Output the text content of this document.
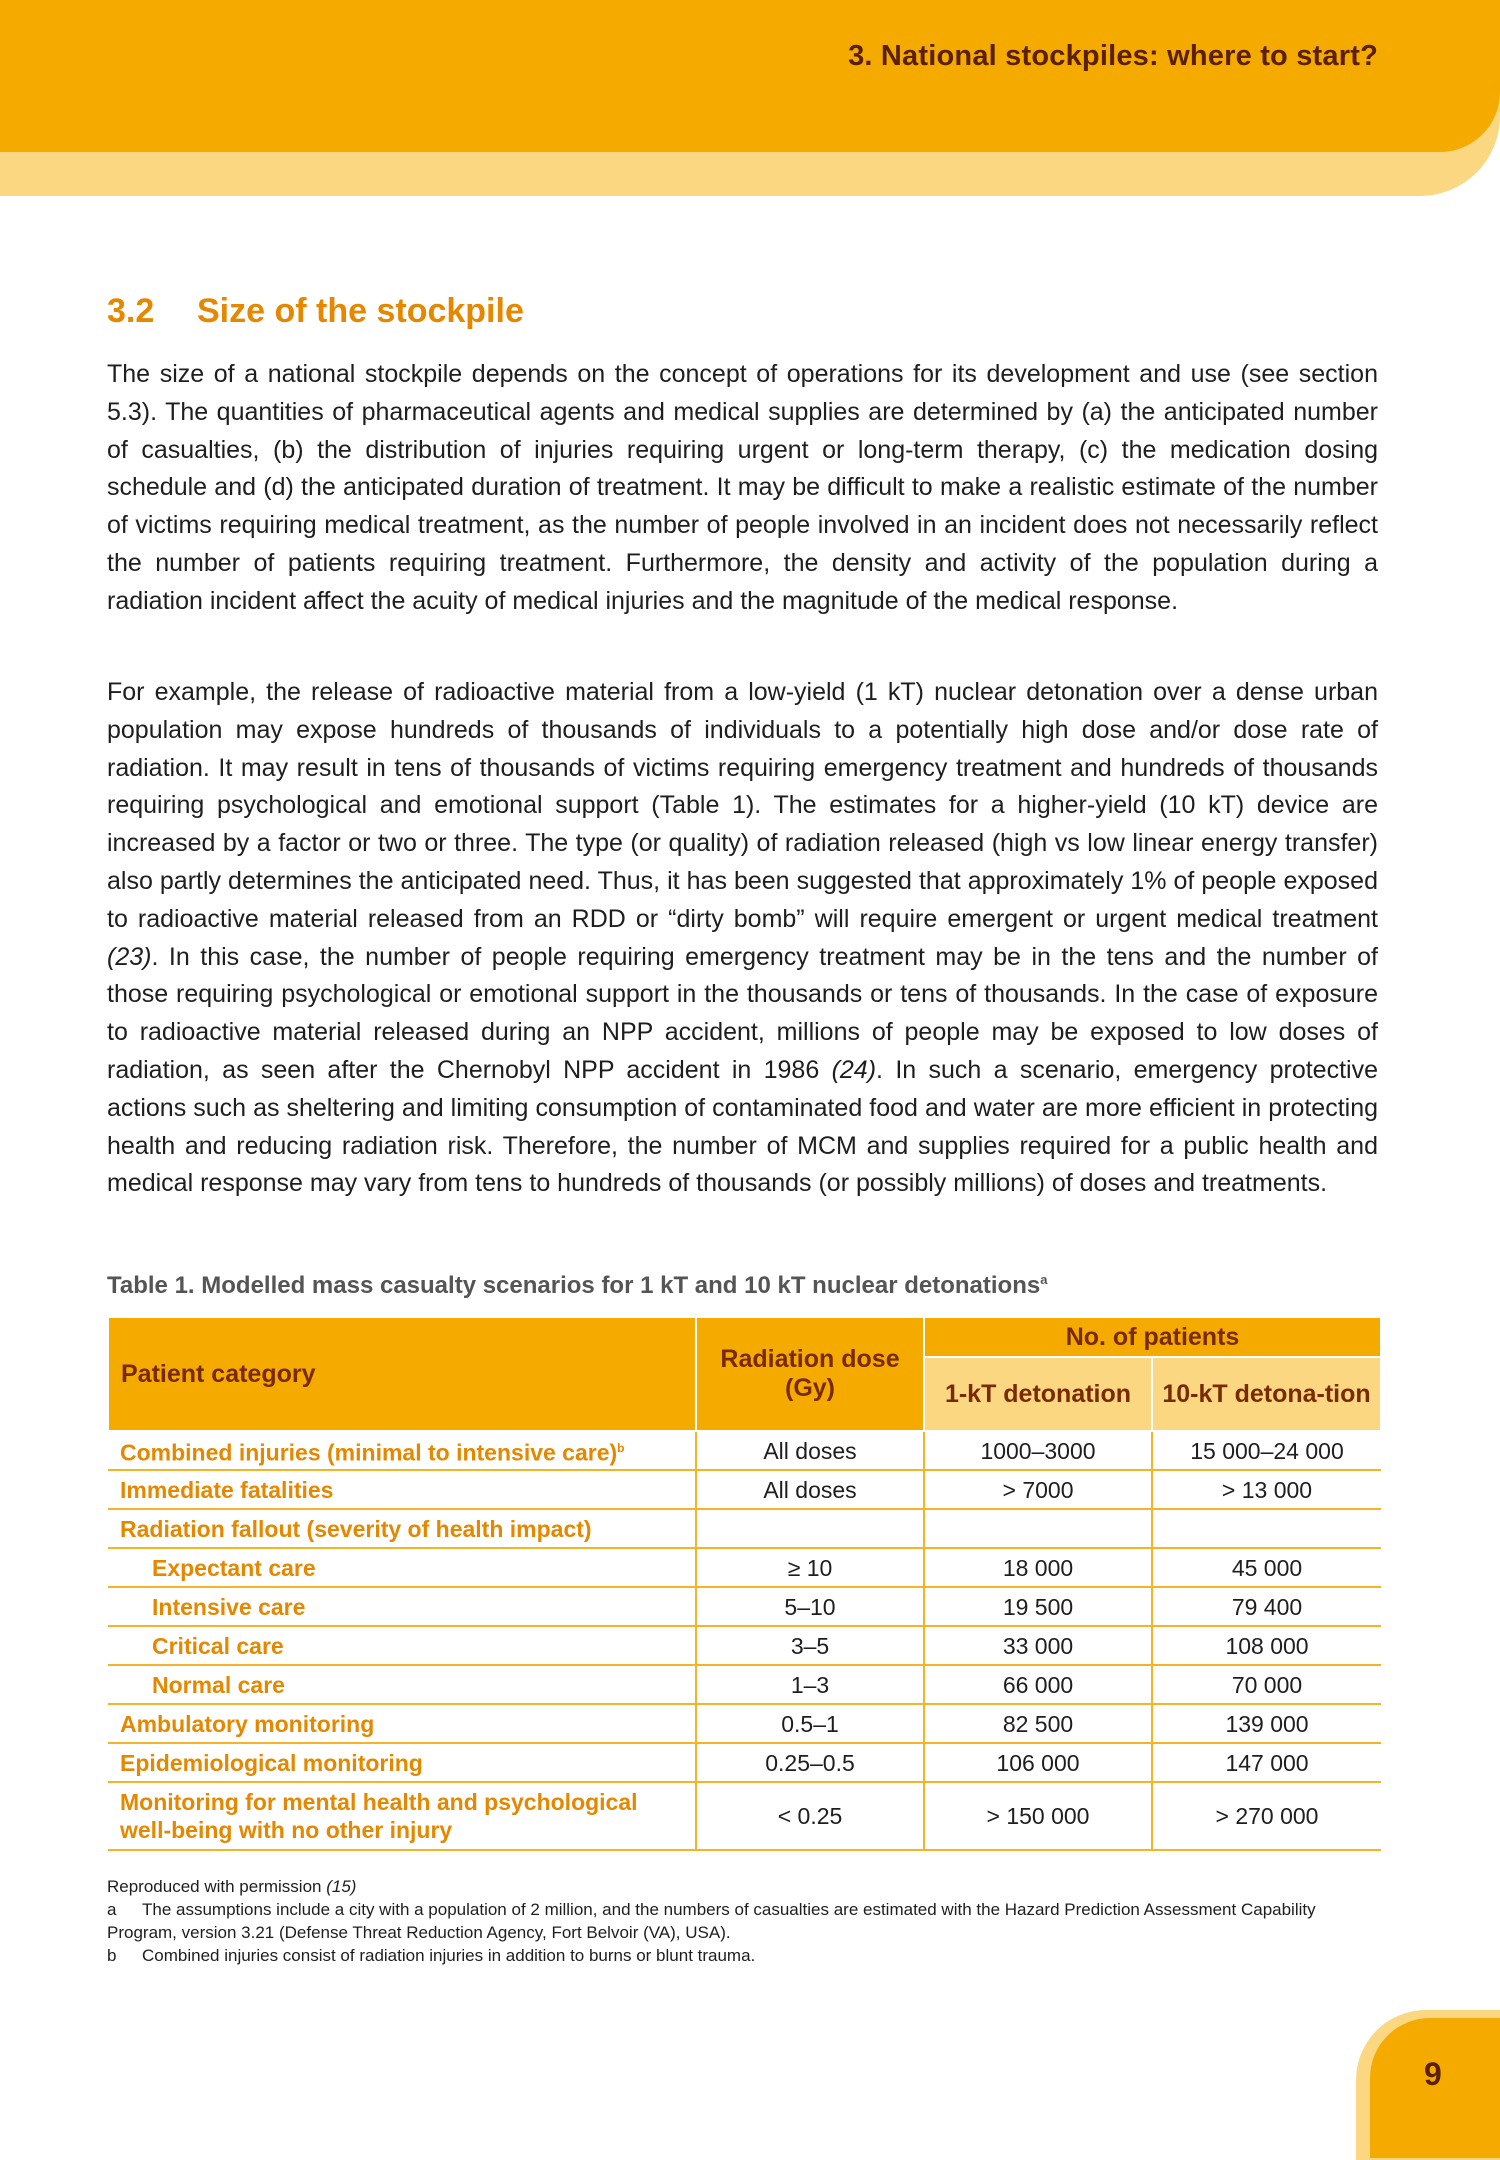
3. National stockpiles: where to start?
3.2 Size of the stockpile

The size of a national stockpile depends on the concept of operations for its development and use (see section 5.3). The quantities of pharmaceutical agents and medical supplies are determined by (a) the anticipated number of casualties, (b) the distribution of injuries requiring urgent or long-term therapy, (c) the medication dosing schedule and (d) the anticipated duration of treatment. It may be difficult to make a realistic estimate of the number of victims requiring medical treatment, as the number of people involved in an incident does not necessarily reflect the number of patients requiring treatment. Furthermore, the density and activity of the population during a radiation incident affect the acuity of medical injuries and the magnitude of the medical response.

For example, the release of radioactive material from a low-yield (1 kT) nuclear detonation over a dense urban population may expose hundreds of thousands of individuals to a potentially high dose and/or dose rate of radiation. It may result in tens of thousands of victims requiring emergency treatment and hundreds of thousands requiring psychological and emotional support (Table 1). The estimates for a higher-yield (10 kT) device are increased by a factor or two or three. The type (or quality) of radiation released (high vs low linear energy transfer) also partly determines the anticipated need. Thus, it has been suggested that approximately 1% of people exposed to radioactive material released from an RDD or “dirty bomb” will require emergent or urgent medical treatment (23). In this case, the number of people requiring emergency treatment may be in the tens and the number of those requiring psychological or emotional support in the thousands or tens of thousands. In the case of exposure to radioactive material released during an NPP accident, millions of people may be exposed to low doses of radiation, as seen after the Chernobyl NPP accident in 1986 (24). In such a scenario, emergency protective actions such as sheltering and limiting consumption of contaminated food and water are more efficient in protecting health and reducing radiation risk. Therefore, the number of MCM and supplies required for a public health and medical response may vary from tens to hundreds of thousands (or possibly millions) of doses and treatments.

Table 1. Modelled mass casualty scenarios for 1 kT and 10 kT nuclear detonations$^a$
Patient category	Radiation dose (Gy)	No. of patients	
		1-kT detonation	10-kT detona-tion
Combined injuries (minimal to intensive care)$^b$	All doses	1000–3000	15 000–24 000
Immediate fatalities	All doses	> 7000	> 13 000
Radiation fallout (severity of health impact)			
Expectant care	≥ 10	18 000	45 000
Intensive care	5–10	19 500	79 400
Critical care	3–5	33 000	108 000
Normal care	1–3	66 000	70 000
Ambulatory monitoring	0.5–1	82 500	139 000
Epidemiological monitoring	0.25–0.5	106 000	147 000
Monitoring for mental health and psychological well-being with no other injury	< 0.25	> 150 000	> 270 000
Reproduced with permission (15)
a The assumptions include a city with a population of 2 million, and the numbers of casualties are estimated with the Hazard Prediction Assessment Capability Program, version 3.21 (Defense Threat Reduction Agency, Fort Belvoir (VA), USA).
b Combined injuries consist of radiation injuries in addition to burns or blunt trauma.
9
